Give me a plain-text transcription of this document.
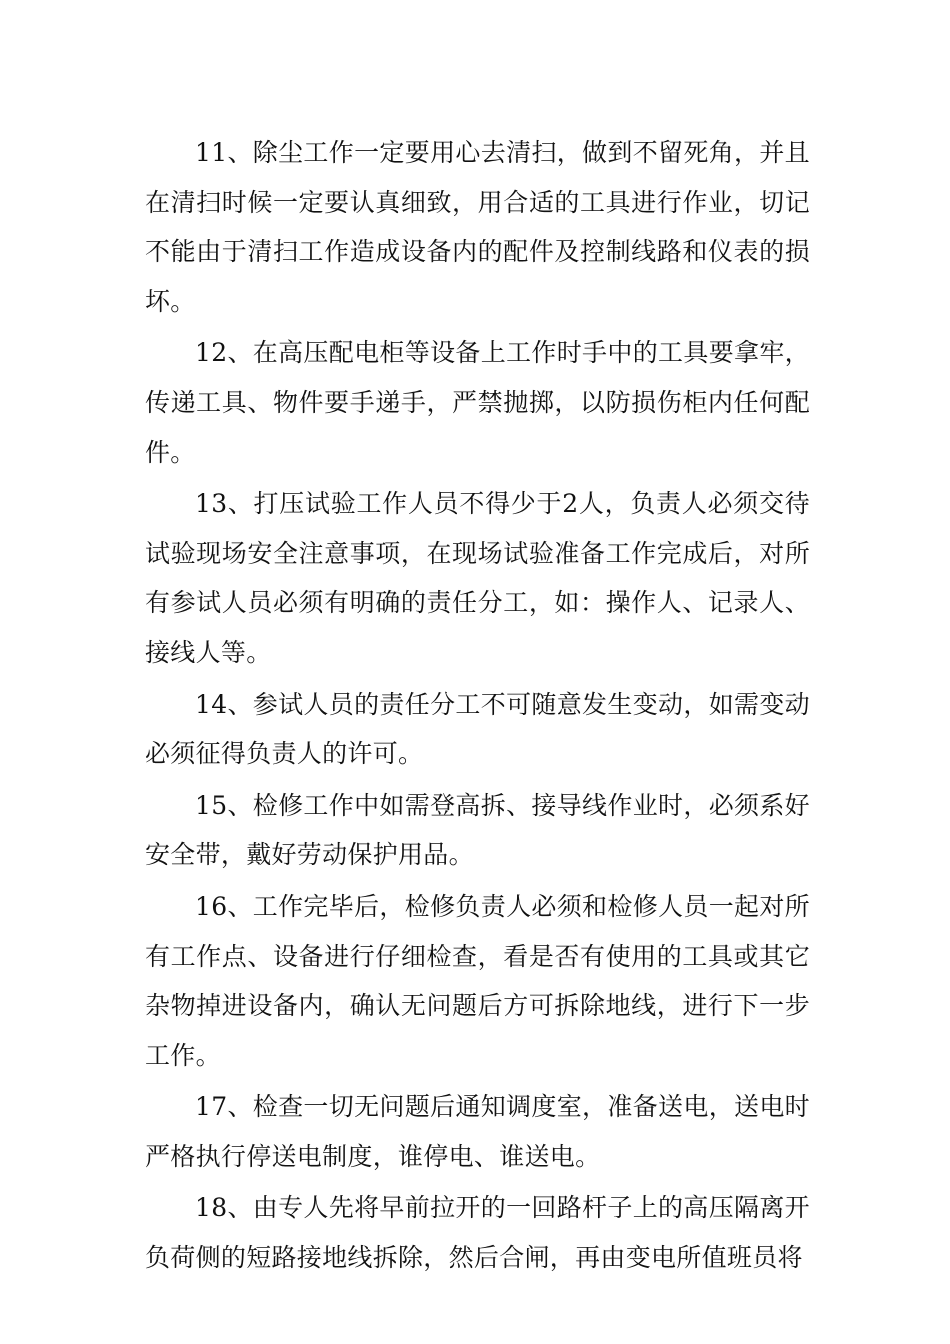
11、除尘工作一定要用心去清扫，做到不留死角，并且在清扫时候一定要认真细致，用合适的工具进行作业，切记不能由于清扫工作造成设备内的配件及控制线路和仪表的损坏。

12、在高压配电柜等设备上工作时手中的工具要拿牢，传递工具、物件要手递手，严禁抛掷，以防损伤柜内任何配件。

13、打压试验工作人员不得少于2人，负责人必须交待试验现场安全注意事项，在现场试验准备工作完成后，对所有参试人员必须有明确的责任分工，如：操作人、记录人、接线人等。

14、参试人员的责任分工不可随意发生变动，如需变动必须征得负责人的许可。

15、检修工作中如需登高拆、接导线作业时，必须系好安全带，戴好劳动保护用品。

16、工作完毕后，检修负责人必须和检修人员一起对所有工作点、设备进行仔细检查，看是否有使用的工具或其它杂物掉进设备内，确认无问题后方可拆除地线，进行下一步工作。

17、检查一切无问题后通知调度室，准备送电，送电时严格执行停送电制度，谁停电、谁送电。

18、由专人先将早前拉开的一回路杆子上的高压隔离开负荷侧的短路接地线拆除，然后合闸，再由变电所值班员将
